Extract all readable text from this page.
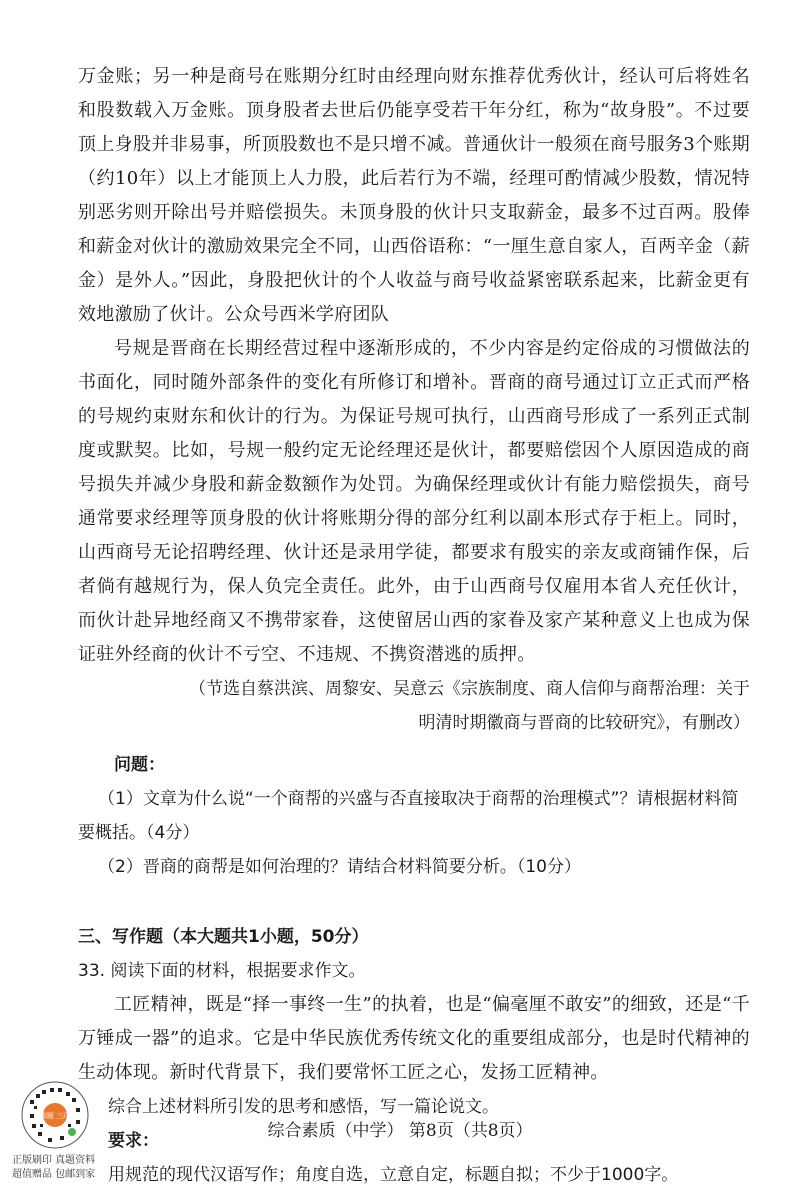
万金账；另一种是商号在账期分红时由经理向财东推荐优秀伙计，经认可后将姓名和股数载入万金账。顶身股者去世后仍能享受若干年分红，称为“故身股”。不过要顶上身股并非易事，所顶股数也不是只增不减。普通伙计一般须在商号服务3个账期（约10年）以上才能顶上人力股，此后若行为不端，经理可酌情减少股数，情况特别恶劣则开除出号并赔偿损失。未顶身股的伙计只支取薪金，最多不过百两。股俸和薪金对伙计的激励效果完全不同，山西俗语称：“一厘生意自家人，百两辛金（薪金）是外人。”因此，身股把伙计的个人收益与商号收益紧密联系起来，比薪金更有效地激励了伙计。公众号西米学府团队

号规是晋商在长期经营过程中逐渐形成的，不少内容是约定俗成的习惯做法的书面化，同时随外部条件的变化有所修订和增补。晋商的商号通过订立正式而严格的号规约束财东和伙计的行为。为保证号规可执行，山西商号形成了一系列正式制度或默契。比如，号规一般约定无论经理还是伙计，都要赔偿因个人原因造成的商号损失并减少身股和薪金数额作为处罚。为确保经理或伙计有能力赔偿损失，商号通常要求经理等顶身股的伙计将账期分得的部分红利以副本形式存于柜上。同时，山西商号无论招聘经理、伙计还是录用学徒，都要求有殷实的亲友或商铺作保，后者倘有越规行为，保人负完全责任。此外，由于山西商号仅雇用本省人充任伙计，而伙计赴异地经商又不携带家眷，这使留居山西的家眷及家产某种意义上也成为保证驻外经商的伙计不亏空、不违规、不携资潜逃的质押。

（节选自蔡洪滨、周黎安、吴意云《宗族制度、商人信仰与商帮治理：关于

明清时期徽商与晋商的比较研究》，有删改）

问题：

（1）文章为什么说“一个商帮的兴盛与否直接取决于商帮的治理模式”？请根据材料简要概括。（4分）

（2）晋商的商帮是如何治理的？请结合材料简要分析。（10分）

三、写作题（本大题共1小题，50分）

33. 阅读下面的材料，根据要求作文。

工匠精神，既是“择一事终一生”的执着，也是“偏毫厘不敢安”的细致，还是“千万锤成一器”的追求。它是中华民族优秀传统文化的重要组成部分，也是时代精神的生动体现。新时代背景下，我们要常怀工匠之心，发扬工匠精神。

综合上述材料所引发的思考和感悟，写一篇论说文。

要求：

用规范的现代汉语写作；角度自选，立意自定，标题自拟；不少于1000字。

刷题 三印
正版刷印 真题资料
超值赠品 包邮到家
综合素质（中学） 第8页（共8页）
